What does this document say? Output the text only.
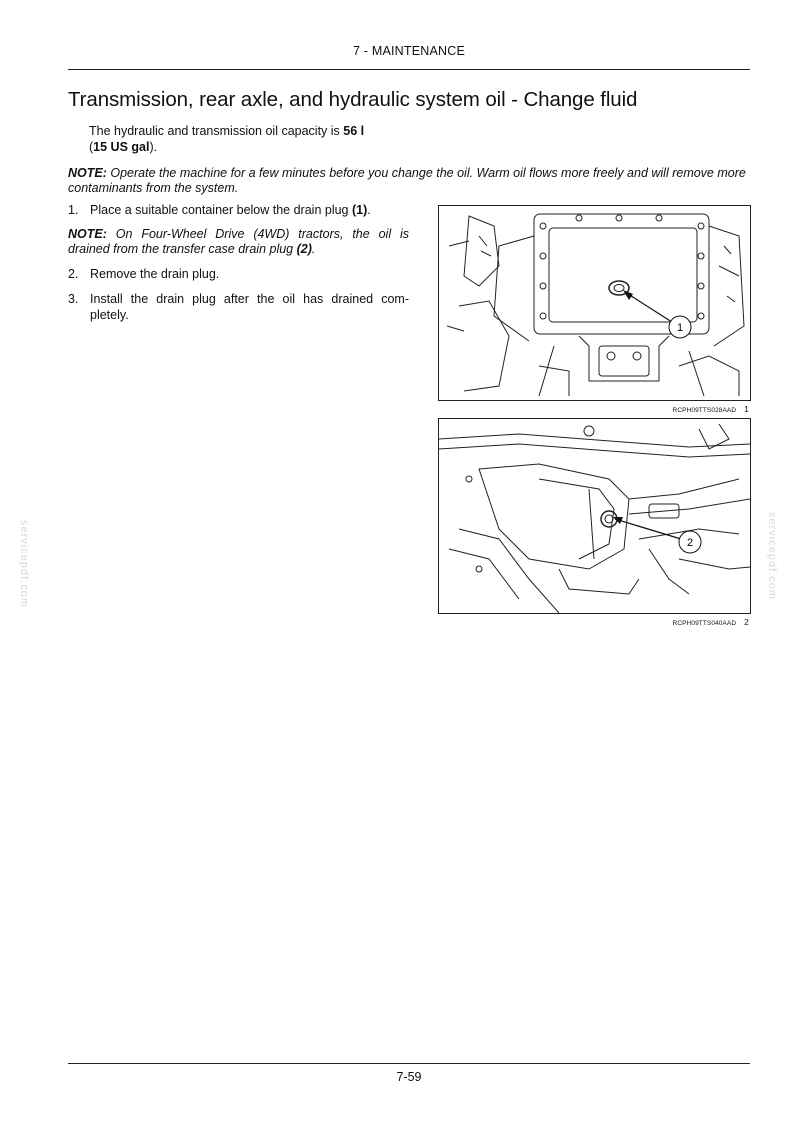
7 - MAINTENANCE
Transmission, rear axle, and hydraulic system oil - Change fluid
The hydraulic and transmission oil capacity is 56 l
(15 US gal).
NOTE: Operate the machine for a few minutes before you change the oil. Warm oil flows more freely and will remove more contaminants from the system.
1. Place a suitable container below the drain plug (1).
NOTE: On Four-Wheel Drive (4WD) tractors, the oil is drained from the transfer case drain plug (2).
2. Remove the drain plug.
3. Install the drain plug after the oil has drained com- pletely.
1
RCPH09TTS028AAD 1
2
RCPH09TTS040AAD 2
servicepdf.com	servicepdf.com
7-59
